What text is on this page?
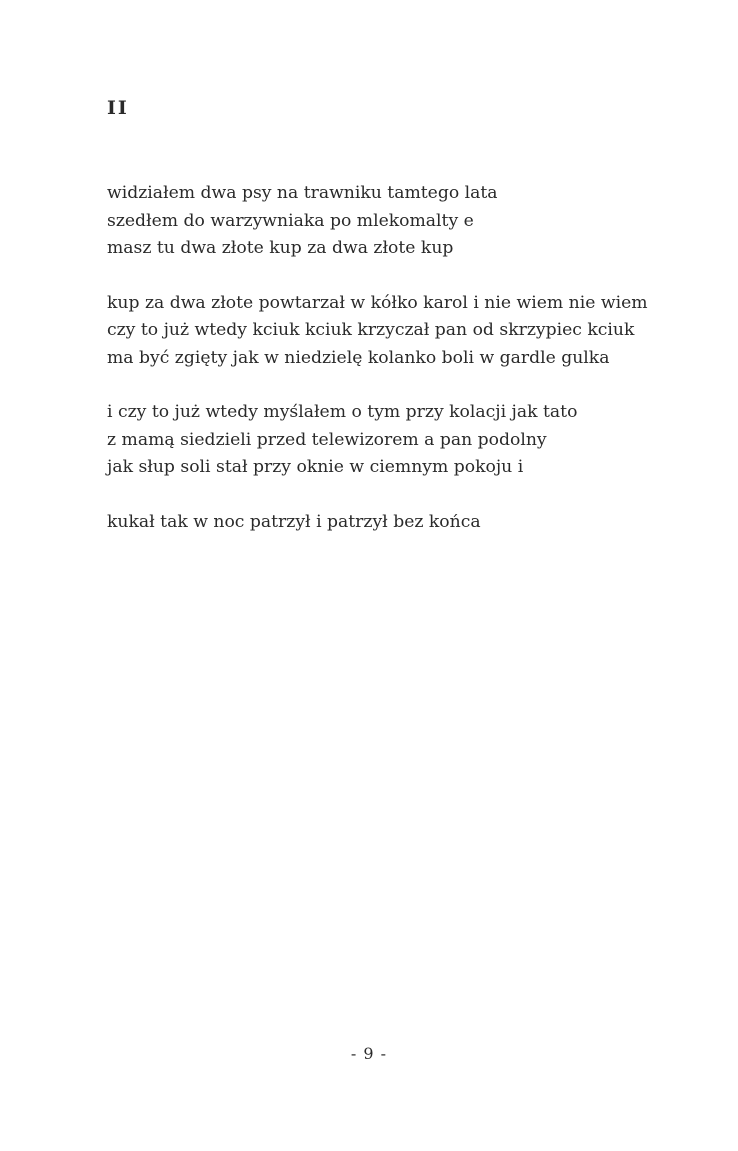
II
widziałem dwa psy na trawniku tamtego lata
szedłem do warzywniaka po mlekomalty e
masz tu dwa złote kup za dwa złote kup
kup za dwa złote powtarzał w kółko karol i nie wiem nie wiem
czy to już wtedy kciuk kciuk krzyczał pan od skrzypiec kciuk
ma być zgięty jak w niedzielę kolanko boli w gardle gulka
i czy to już wtedy myślałem o tym przy kolacji jak tato
z mamą siedzieli przed telewizorem a pan podolny
jak słup soli stał przy oknie w ciemnym pokoju i
kukał tak w noc patrzył i patrzył bez końca
- 9 -
